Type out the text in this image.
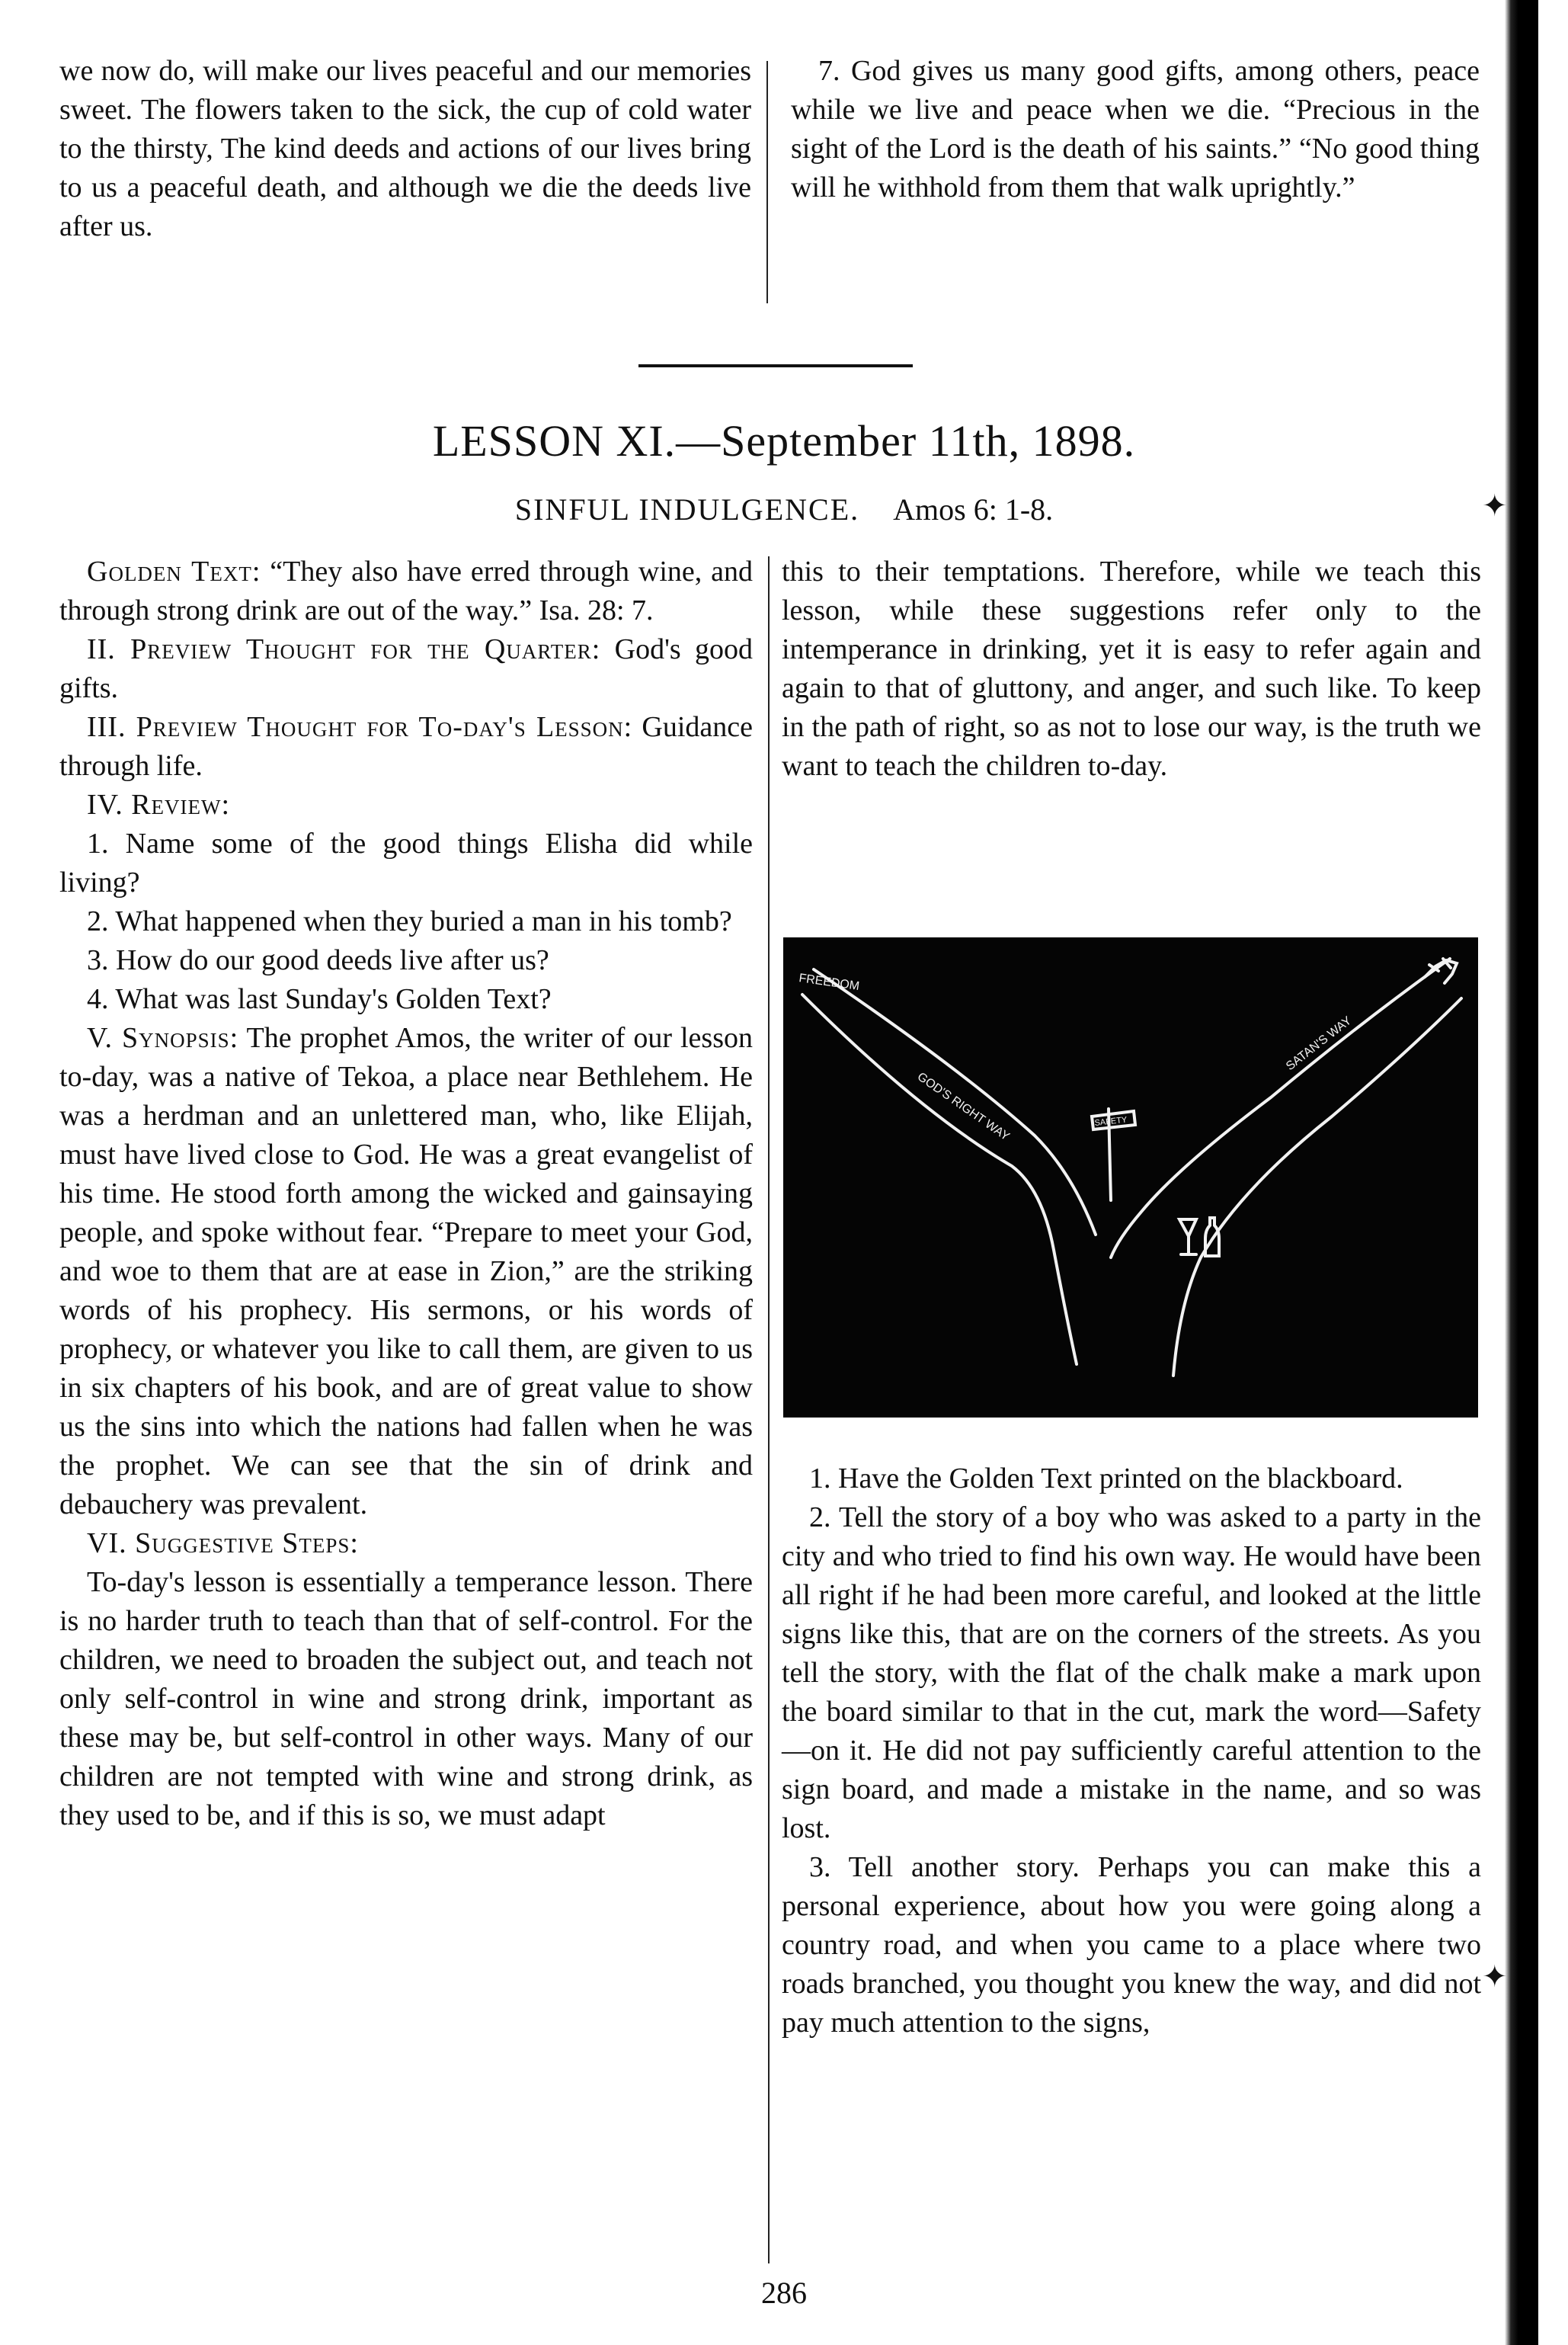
we now do, will make our lives peaceful and our memories sweet. The flowers taken to the sick, the cup of cold water to the thirsty, The kind deeds and actions of our lives bring to us a peaceful death, and although we die the deeds live after us.

7. God gives us many good gifts, among others, peace while we live and peace when we die. “Precious in the sight of the Lord is the death of his saints.” “No good thing will he withhold from them that walk uprightly.”

LESSON XI.—September 11th, 1898.
SINFUL INDULGENCE. Amos 6: 1-8.

Golden Text: “They also have erred through wine, and through strong drink are out of the way.” Isa. 28: 7.

II. Preview Thought for the Quarter: God's good gifts.

III. Preview Thought for To-day's Lesson: Guidance through life.

IV. Review:

1. Name some of the good things Elisha did while living?

2. What happened when they buried a man in his tomb?

3. How do our good deeds live after us?

4. What was last Sunday's Golden Text?

V. Synopsis: The prophet Amos, the writer of our lesson to-day, was a native of Tekoa, a place near Bethlehem. He was a herdman and an unlettered man, who, like Elijah, must have lived close to God. He was a great evangelist of his time. He stood forth among the wicked and gainsaying people, and spoke without fear. “Prepare to meet your God, and woe to them that are at ease in Zion,” are the striking words of his prophecy. His sermons, or his words of prophecy, or whatever you like to call them, are given to us in six chapters of his book, and are of great value to show us the sins into which the nations had fallen when he was the prophet. We can see that the sin of drink and debauchery was prevalent.

VI. Suggestive Steps:

To-day's lesson is essentially a temperance lesson. There is no harder truth to teach than that of self-control. For the children, we need to broaden the subject out, and teach not only self-control in wine and strong drink, important as these may be, but self-control in other ways. Many of our children are not tempted with wine and strong drink, as they used to be, and if this is so, we must adapt

this to their temptations. Therefore, while we teach this lesson, while these suggestions refer only to the intemperance in drinking, yet it is easy to refer again and again to that of gluttony, and anger, and such like. To keep in the path of right, so as not to lose our way, is the truth we want to teach the children to-day.

FREEDOM
GOD'S RIGHT WAY
SATAN'S WAY
SAFETY

1. Have the Golden Text printed on the blackboard.

2. Tell the story of a boy who was asked to a party in the city and who tried to find his own way. He would have been all right if he had been more careful, and looked at the little signs like this, that are on the corners of the streets. As you tell the story, with the flat of the chalk make a mark upon the board similar to that in the cut, mark the word—Safety—on it. He did not pay sufficiently careful attention to the sign board, and made a mistake in the name, and so was lost.

3. Tell another story. Perhaps you can make this a personal experience, about how you were going along a country road, and when you came to a place where two roads branched, you thought you knew the way, and did not pay much attention to the signs,

286
✦
✦
